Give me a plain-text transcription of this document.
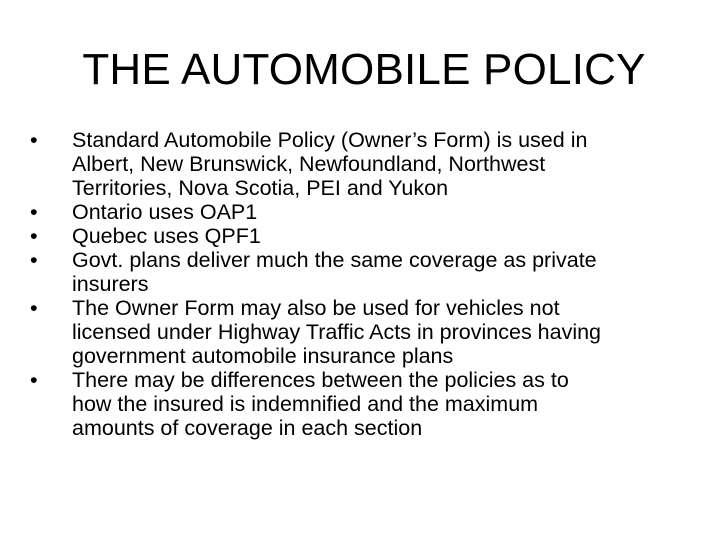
THE AUTOMOBILE POLICY
•	Standard Automobile Policy (Owner’s Form) is used in
Albert, New Brunswick, Newfoundland, Northwest
Territories, Nova Scotia, PEI and Yukon
•	Ontario uses OAP1
•	Quebec uses QPF1
•	Govt. plans deliver much the same coverage as private
insurers
•	The Owner Form may also be used for vehicles not
licensed under Highway Traffic Acts in provinces having
government automobile insurance plans
•	There may be differences between the policies as to
how the insured is indemnified and the maximum
amounts of coverage in each section
